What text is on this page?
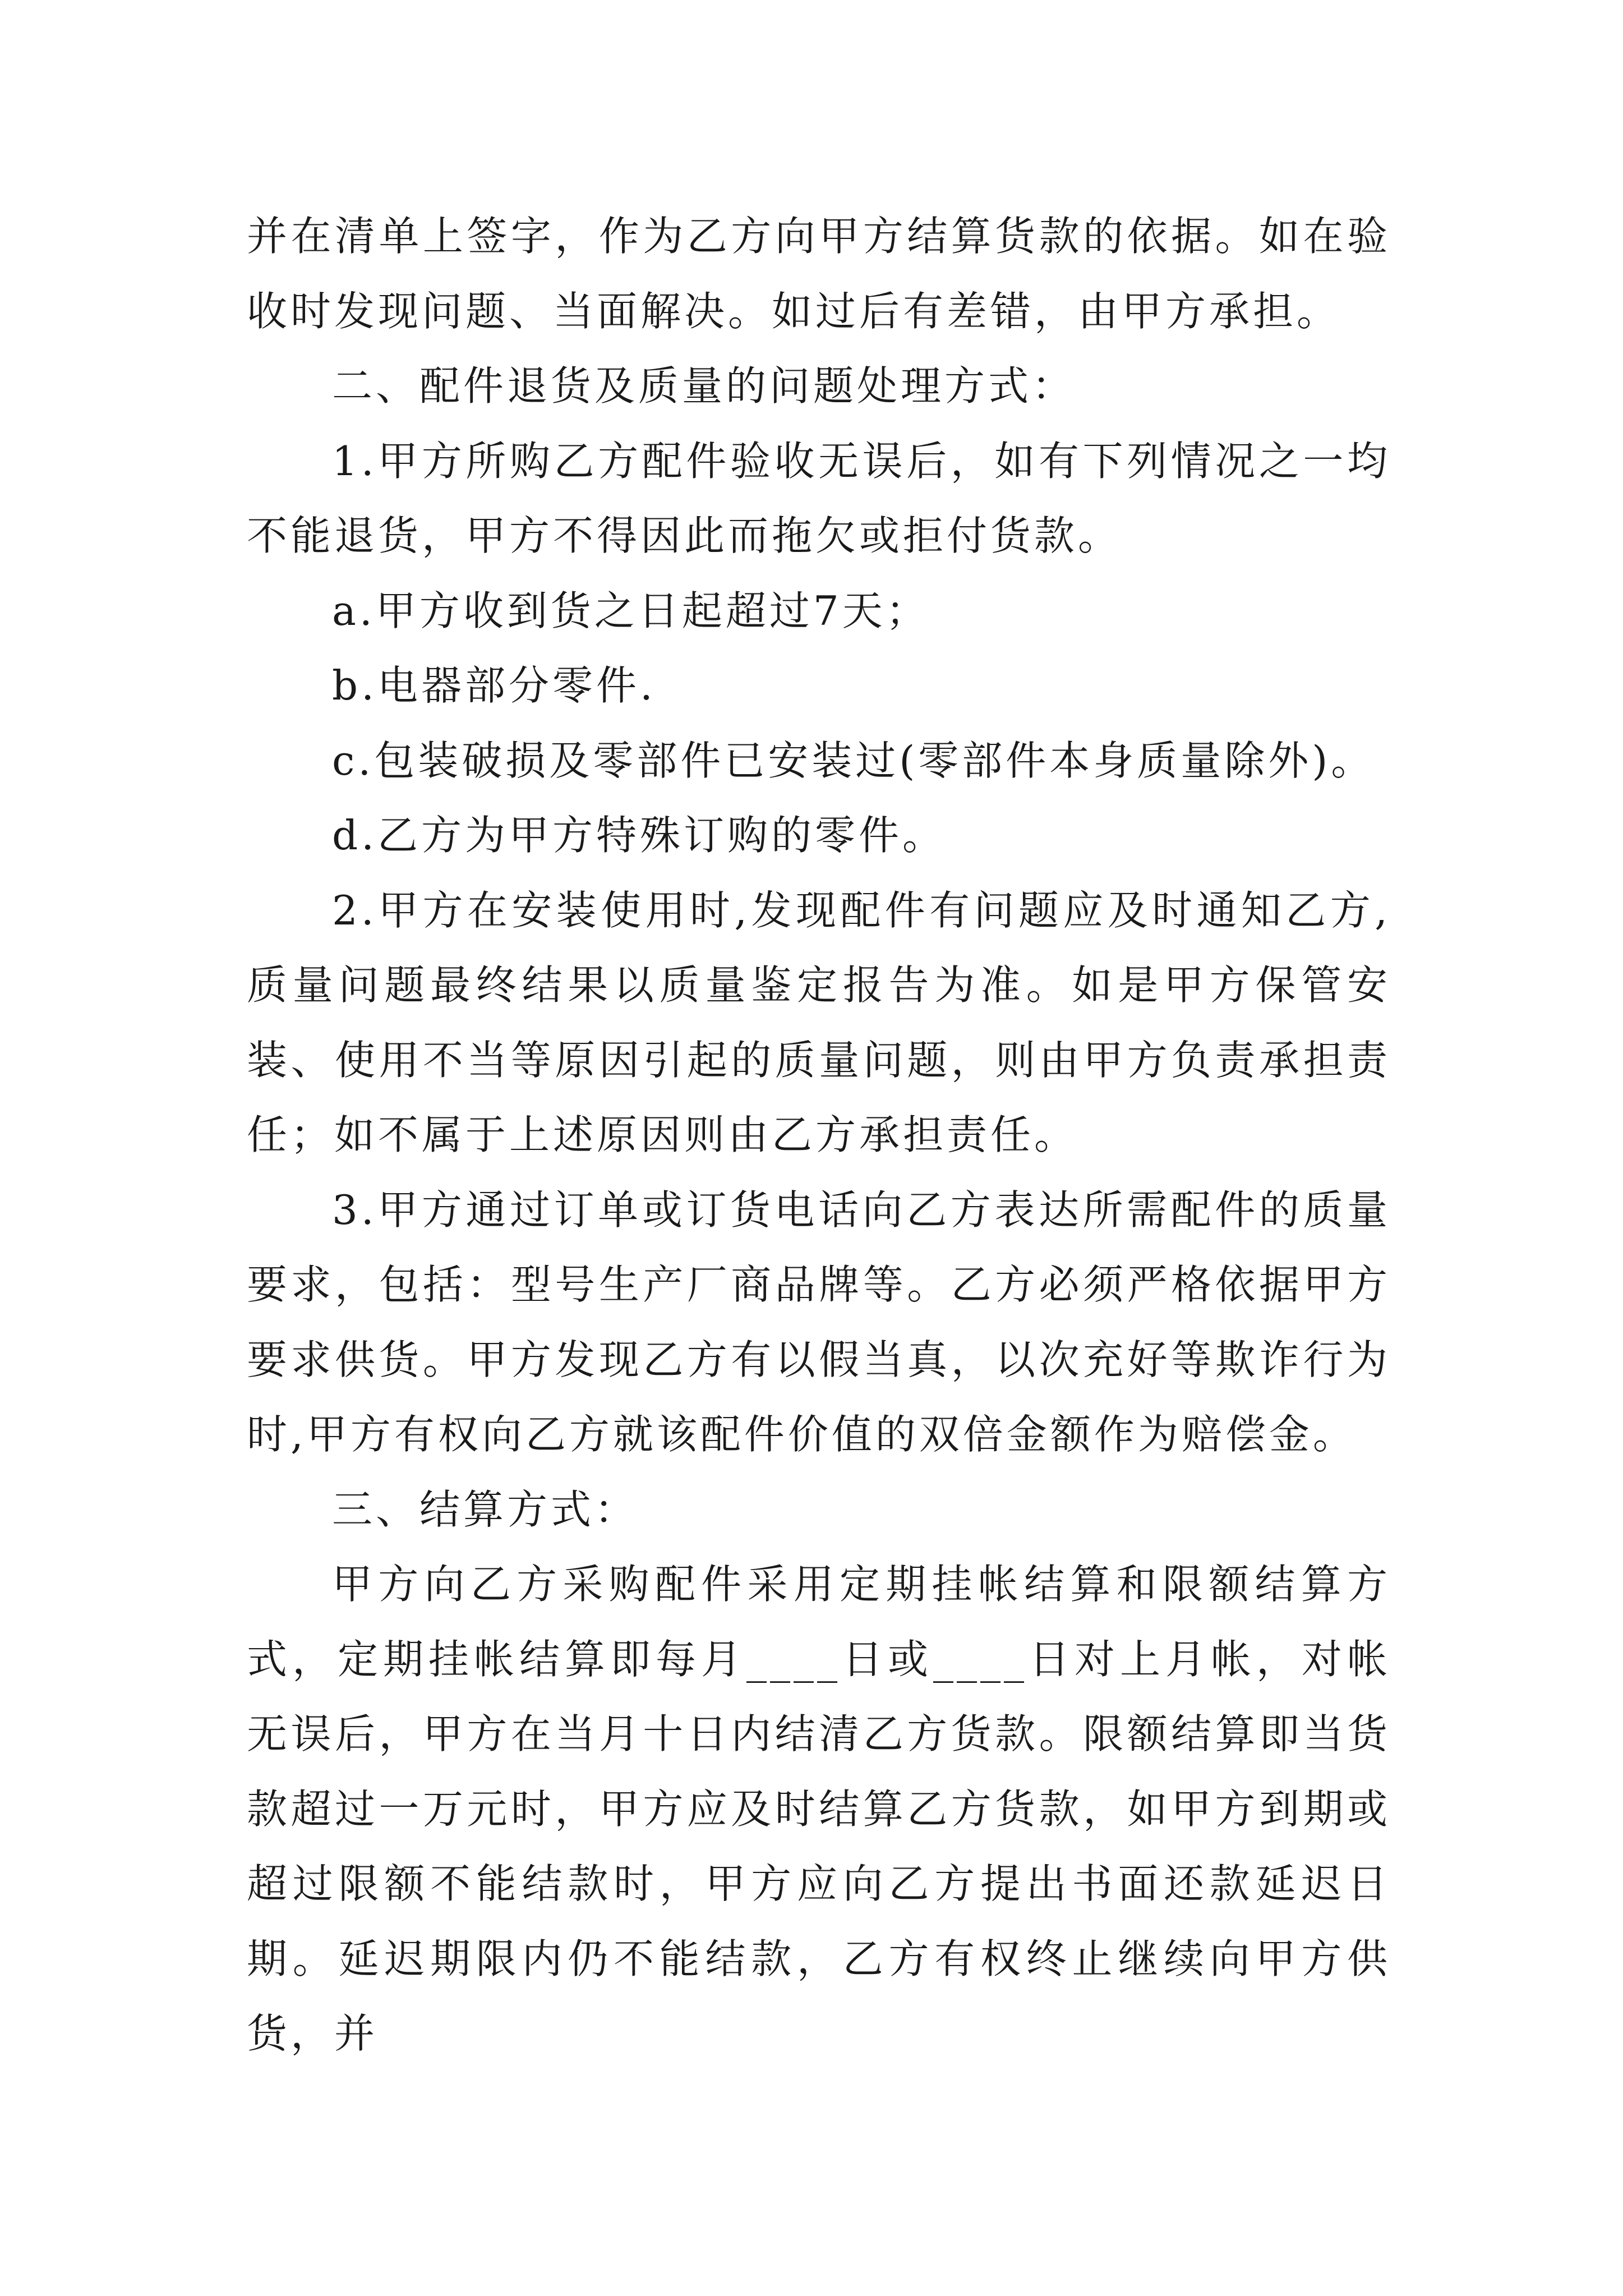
并在清单上签字，作为乙方向甲方结算货款的依据。如在验收时发现问题、当面解决。如过后有差错，由甲方承担。

二、配件退货及质量的问题处理方式：

1.甲方所购乙方配件验收无误后，如有下列情况之一均不能退货，甲方不得因此而拖欠或拒付货款。

a.甲方收到货之日起超过7天；

b.电器部分零件.

c.包装破损及零部件已安装过(零部件本身质量除外)。

d.乙方为甲方特殊订购的零件。

2.甲方在安装使用时,发现配件有问题应及时通知乙方,质量问题最终结果以质量鉴定报告为准。如是甲方保管安装、使用不当等原因引起的质量问题，则由甲方负责承担责任；如不属于上述原因则由乙方承担责任。

3.甲方通过订单或订货电话向乙方表达所需配件的质量要求，包括：型号生产厂商品牌等。乙方必须严格依据甲方要求供货。甲方发现乙方有以假当真，以次充好等欺诈行为时,甲方有权向乙方就该配件价值的双倍金额作为赔偿金。

三、结算方式：

甲方向乙方采购配件采用定期挂帐结算和限额结算方式，定期挂帐结算即每月____日或____日对上月帐，对帐无误后，甲方在当月十日内结清乙方货款。限额结算即当货款超过一万元时，甲方应及时结算乙方货款，如甲方到期或超过限额不能结款时，甲方应向乙方提出书面还款延迟日期。延迟期限内仍不能结款，乙方有权终止继续向甲方供货，并
